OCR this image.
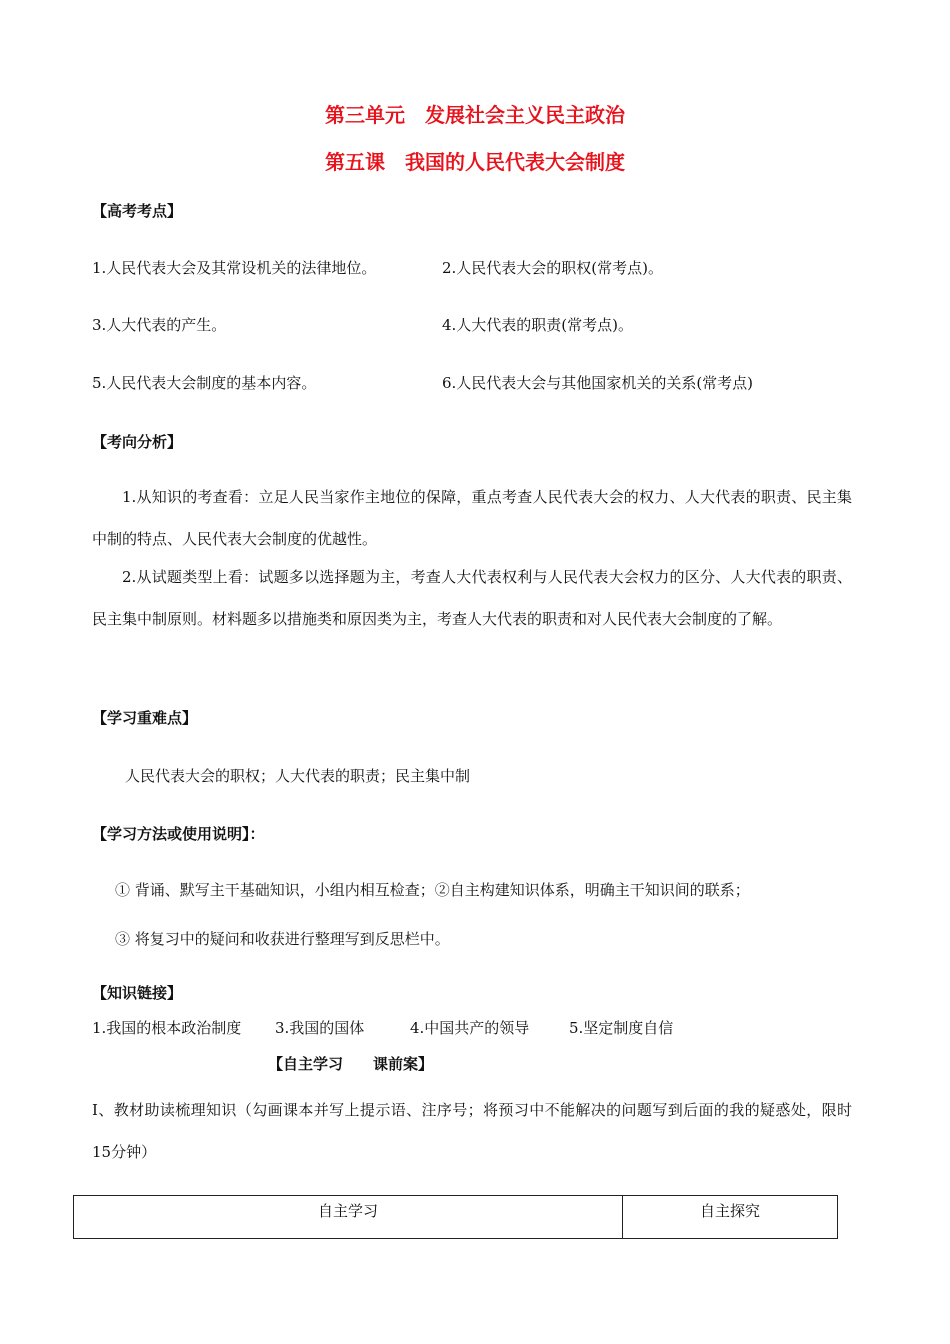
第三单元　发展社会主义民主政治
第五课　我国的人民代表大会制度
【高考考点】
1.人民代表大会及其常设机关的法律地位。	2.人民代表大会的职权(常考点)。
3.人大代表的产生。	4.人大代表的职责(常考点)。
5.人民代表大会制度的基本内容。	6.人民代表大会与其他国家机关的关系(常考点)
【考向分析】
1.从知识的考查看：立足人民当家作主地位的保障，重点考查人民代表大会的权力、人大代表的职责、民主集中制的特点、人民代表大会制度的优越性。
2.从试题类型上看：试题多以选择题为主，考查人大代表权利与人民代表大会权力的区分、人大代表的职责、民主集中制原则。材料题多以措施类和原因类为主，考查人大代表的职责和对人民代表大会制度的了解。
【学习重难点】
人民代表大会的职权；人大代表的职责；民主集中制
【学习方法或使用说明】：
① 背诵、默写主干基础知识，小组内相互检查；②自主构建知识体系，明确主干知识间的联系；
③ 将复习中的疑问和收获进行整理写到反思栏中。
【知识链接】
1.我国的根本政治制度 3.我国的国体	4.中国共产的领导	5.坚定制度自信
【自主学习　　课前案】
Ⅰ、教材助读梳理知识（勾画课本并写上提示语、注序号；将预习中不能解决的问题写到后面的我的疑惑处，限时15分钟）
自主学习	自主探究
